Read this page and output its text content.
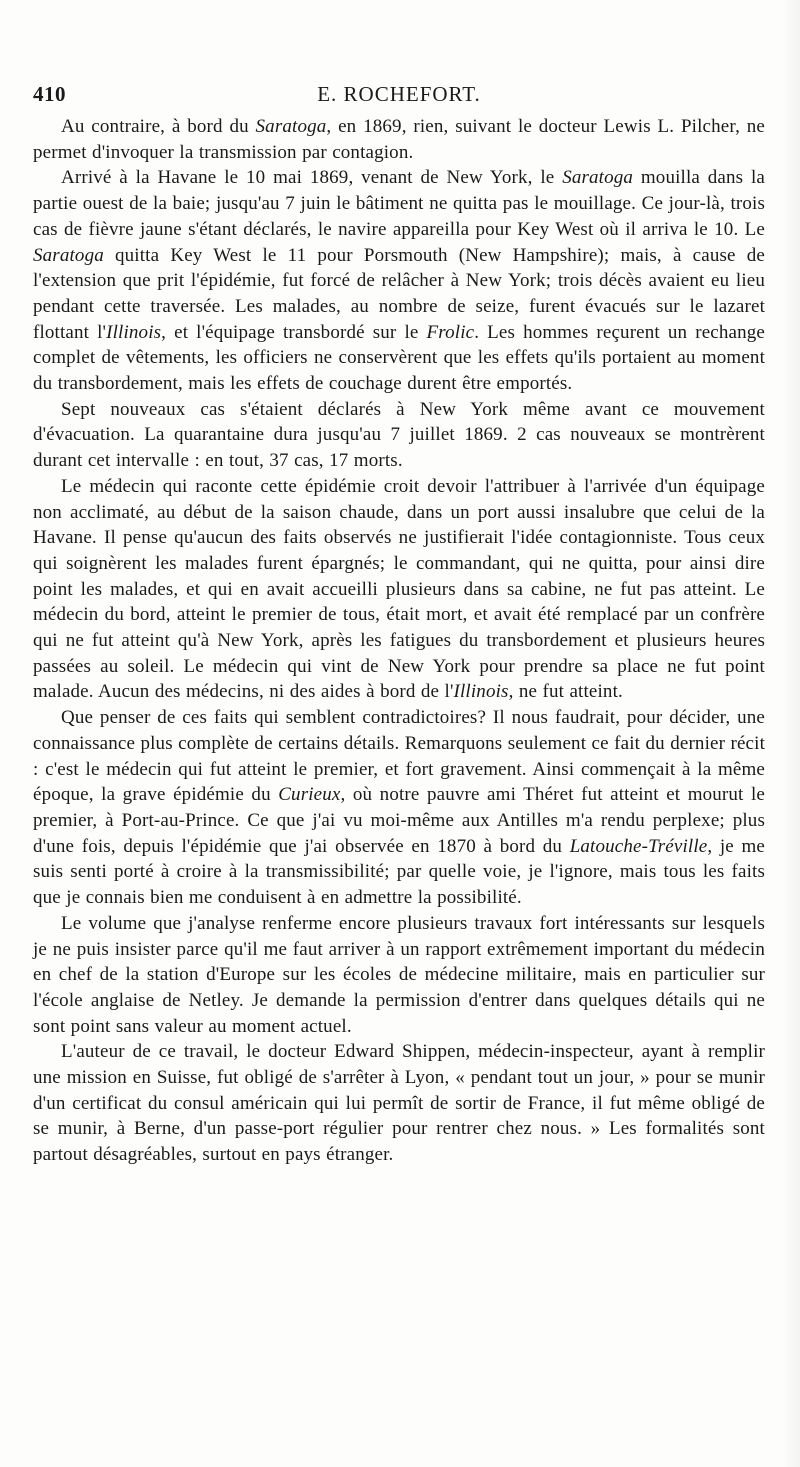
410	E. ROCHEFORT.

Au contraire, à bord du Saratoga, en 1869, rien, suivant le docteur Lewis L. Pilcher, ne permet d'invoquer la transmission par contagion.

Arrivé à la Havane le 10 mai 1869, venant de New York, le Saratoga mouilla dans la partie ouest de la baie; jusqu'au 7 juin le bâtiment ne quitta pas le mouillage. Ce jour-là, trois cas de fièvre jaune s'étant déclarés, le navire appareilla pour Key West où il arriva le 10. Le Saratoga quitta Key West le 11 pour Porsmouth (New Hampshire); mais, à cause de l'extension que prit l'épidémie, fut forcé de relâcher à New York; trois décès avaient eu lieu pendant cette traversée. Les malades, au nombre de seize, furent évacués sur le lazaret flottant l'Illinois, et l'équipage transbordé sur le Frolic. Les hommes reçurent un rechange complet de vêtements, les officiers ne conservèrent que les effets qu'ils portaient au moment du transbordement, mais les effets de couchage durent être emportés.

Sept nouveaux cas s'étaient déclarés à New York même avant ce mouvement d'évacuation. La quarantaine dura jusqu'au 7 juillet 1869. 2 cas nouveaux se montrèrent durant cet intervalle : en tout, 37 cas, 17 morts.

Le médecin qui raconte cette épidémie croit devoir l'attribuer à l'arrivée d'un équipage non acclimaté, au début de la saison chaude, dans un port aussi insalubre que celui de la Havane. Il pense qu'aucun des faits observés ne justifierait l'idée contagionniste. Tous ceux qui soignèrent les malades furent épargnés; le commandant, qui ne quitta, pour ainsi dire point les malades, et qui en avait accueilli plusieurs dans sa cabine, ne fut pas atteint. Le médecin du bord, atteint le premier de tous, était mort, et avait été remplacé par un confrère qui ne fut atteint qu'à New York, après les fatigues du transbordement et plusieurs heures passées au soleil. Le médecin qui vint de New York pour prendre sa place ne fut point malade. Aucun des médecins, ni des aides à bord de l'Illinois, ne fut atteint.

Que penser de ces faits qui semblent contradictoires? Il nous faudrait, pour décider, une connaissance plus complète de certains détails. Remarquons seulement ce fait du dernier récit : c'est le médecin qui fut atteint le premier, et fort gravement. Ainsi commençait à la même époque, la grave épidémie du Curieux, où notre pauvre ami Théret fut atteint et mourut le premier, à Port-au-Prince. Ce que j'ai vu moi-même aux Antilles m'a rendu perplexe; plus d'une fois, depuis l'épidémie que j'ai observée en 1870 à bord du Latouche-Tréville, je me suis senti porté à croire à la transmissibilité; par quelle voie, je l'ignore, mais tous les faits que je connais bien me conduisent à en admettre la possibilité.

Le volume que j'analyse renferme encore plusieurs travaux fort intéressants sur lesquels je ne puis insister parce qu'il me faut arriver à un rapport extrêmement important du médecin en chef de la station d'Europe sur les écoles de médecine militaire, mais en particulier sur l'école anglaise de Netley. Je demande la permission d'entrer dans quelques détails qui ne sont point sans valeur au moment actuel.

L'auteur de ce travail, le docteur Edward Shippen, médecin-inspecteur, ayant à remplir une mission en Suisse, fut obligé de s'arrêter à Lyon, « pendant tout un jour, » pour se munir d'un certificat du consul américain qui lui permît de sortir de France, il fut même obligé de se munir, à Berne, d'un passe-port régulier pour rentrer chez nous. » Les formalités sont partout désagréables, surtout en pays étranger.
